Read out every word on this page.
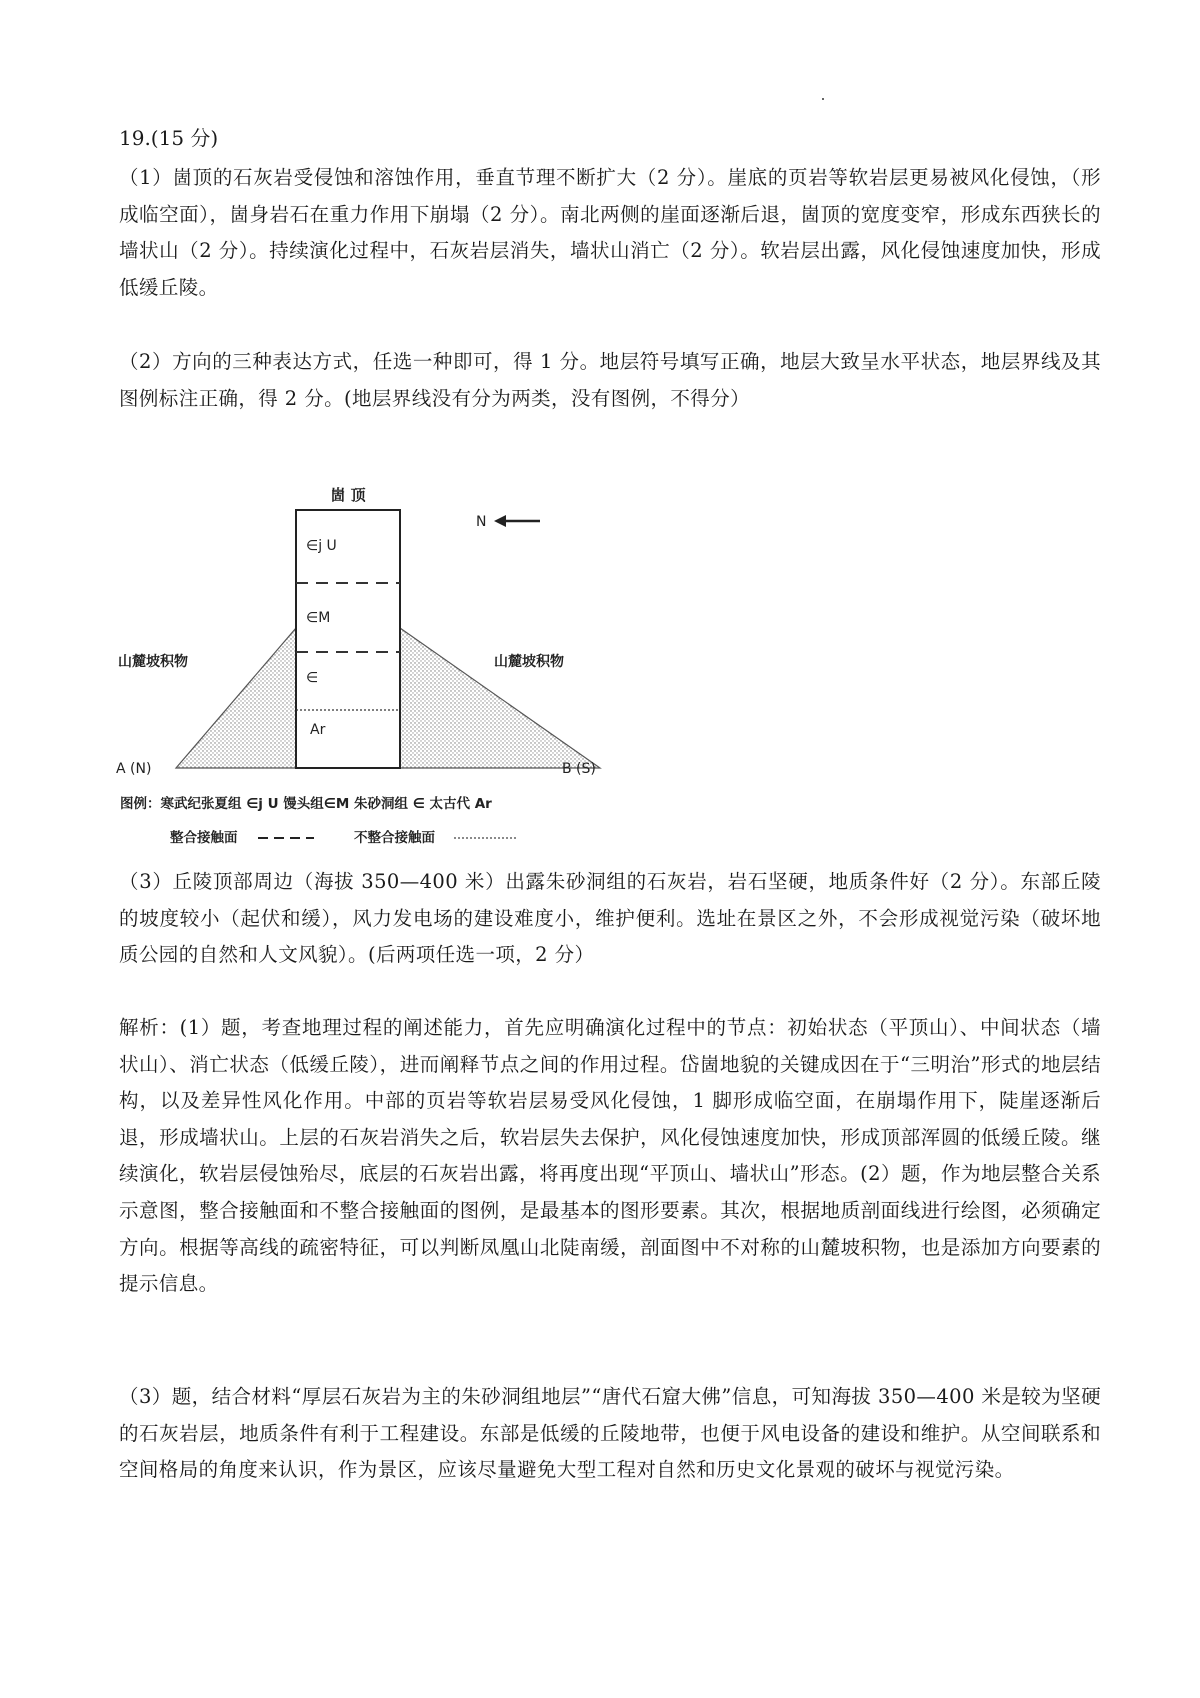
19.(15 分)

（1）崮顶的石灰岩受侵蚀和溶蚀作用，垂直节理不断扩大（2 分）。崖底的页岩等软岩层更易被风化侵蚀，（形成临空面），崮身岩石在重力作用下崩塌（2 分）。南北两侧的崖面逐渐后退，崮顶的宽度变窄，形成东西狭长的墙状山（2 分）。持续演化过程中，石灰岩层消失，墙状山消亡（2 分）。软岩层出露，风化侵蚀速度加快，形成低缓丘陵。

（2）方向的三种表达方式，任选一种即可，得 1 分。地层符号填写正确，地层大致呈水平状态，地层界线及其图例标注正确，得 2 分。(地层界线没有分为两类，没有图例，不得分）

崮 顶
∈j U
∈M
∈
Ar
N
山麓坡积物	山麓坡积物
A (N)	B (S)
图例：寒武纪张夏组 ∈j U 馒头组∈M 朱砂洞组 ∈ 太古代 Ar
整合接触面	不整合接触面

（3）丘陵顶部周边（海拔 350—400 米）出露朱砂洞组的石灰岩，岩石坚硬，地质条件好（2 分）。东部丘陵的坡度较小（起伏和缓），风力发电场的建设难度小，维护便利。选址在景区之外，不会形成视觉污染（破坏地质公园的自然和人文风貌）。(后两项任选一项，2 分）

解析：(1）题，考查地理过程的阐述能力，首先应明确演化过程中的节点：初始状态（平顶山）、中间状态（墙状山）、消亡状态（低缓丘陵），进而阐释节点之间的作用过程。岱崮地貌的关键成因在于“三明治”形式的地层结构，以及差异性风化作用。中部的页岩等软岩层易受风化侵蚀，1 脚形成临空面，在崩塌作用下，陡崖逐渐后退，形成墙状山。上层的石灰岩消失之后，软岩层失去保护，风化侵蚀速度加快，形成顶部浑圆的低缓丘陵。继续演化，软岩层侵蚀殆尽，底层的石灰岩出露，将再度出现“平顶山、墙状山”形态。(2）题，作为地层整合关系示意图，整合接触面和不整合接触面的图例，是最基本的图形要素。其次，根据地质剖面线进行绘图，必须确定方向。根据等高线的疏密特征，可以判断凤凰山北陡南缓，剖面图中不对称的山麓坡积物，也是添加方向要素的提示信息。

（3）题，结合材料“厚层石灰岩为主的朱砂洞组地层”“唐代石窟大佛”信息，可知海拔 350—400 米是较为坚硬的石灰岩层，地质条件有利于工程建设。东部是低缓的丘陵地带，也便于风电设备的建设和维护。从空间联系和空间格局的角度来认识，作为景区，应该尽量避免大型工程对自然和历史文化景观的破坏与视觉污染。
